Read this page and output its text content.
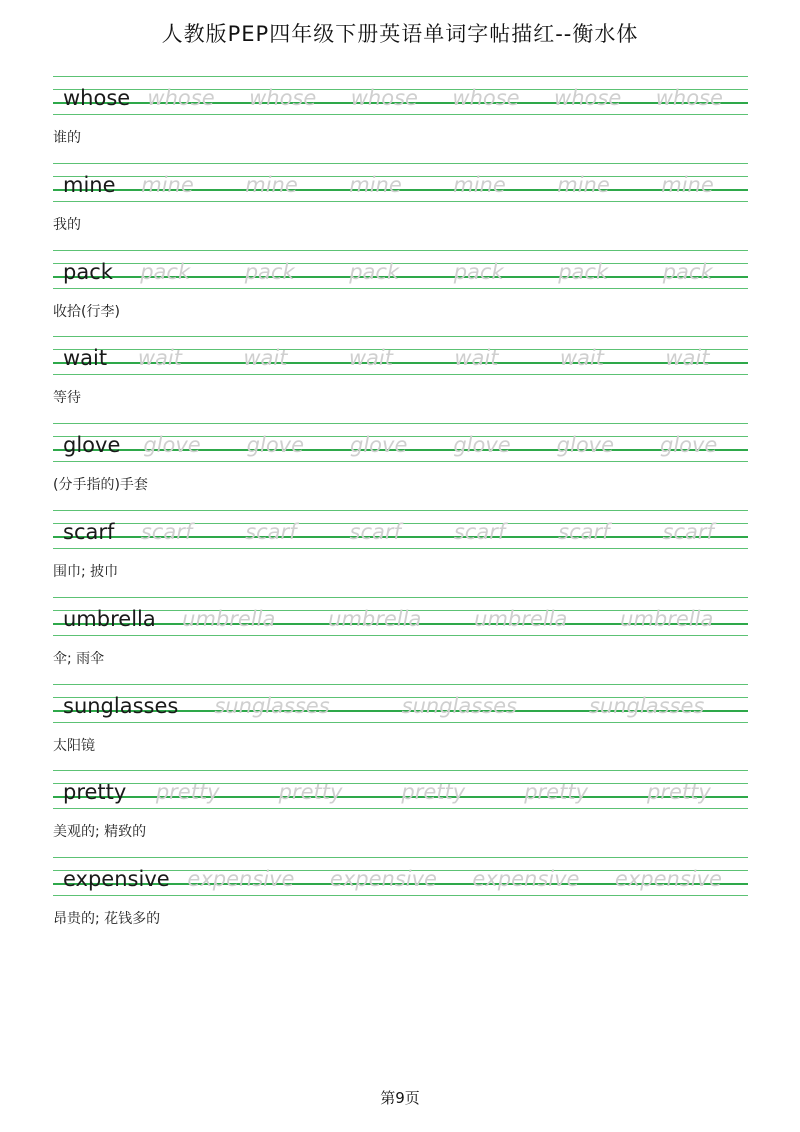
人教版PEP四年级下册英语单词字帖描红--衡水体
whose whose	whose	whose	whose	whose	whose
谁的
mine	mine	mine	mine	mine	mine	mine
我的
pack	pack	pack	pack	pack	pack	pack
收拾(行李)
wait	wait	wait	wait	wait	wait	wait
等待
glove	glove	glove	glove	glove	glove	glove
(分手指的)手套
scarf	scarf	scarf	scarf	scarf	scarf	scarf
围巾; 披巾
umbrella	umbrella	umbrella	umbrella	umbrella
伞; 雨伞
sunglasses	sunglasses	sunglasses	sunglasses
太阳镜
pretty	pretty	pretty	pretty	pretty	pretty
美观的; 精致的
expensive expensive	expensive	expensive	expensive
昂贵的; 花钱多的
第9页
